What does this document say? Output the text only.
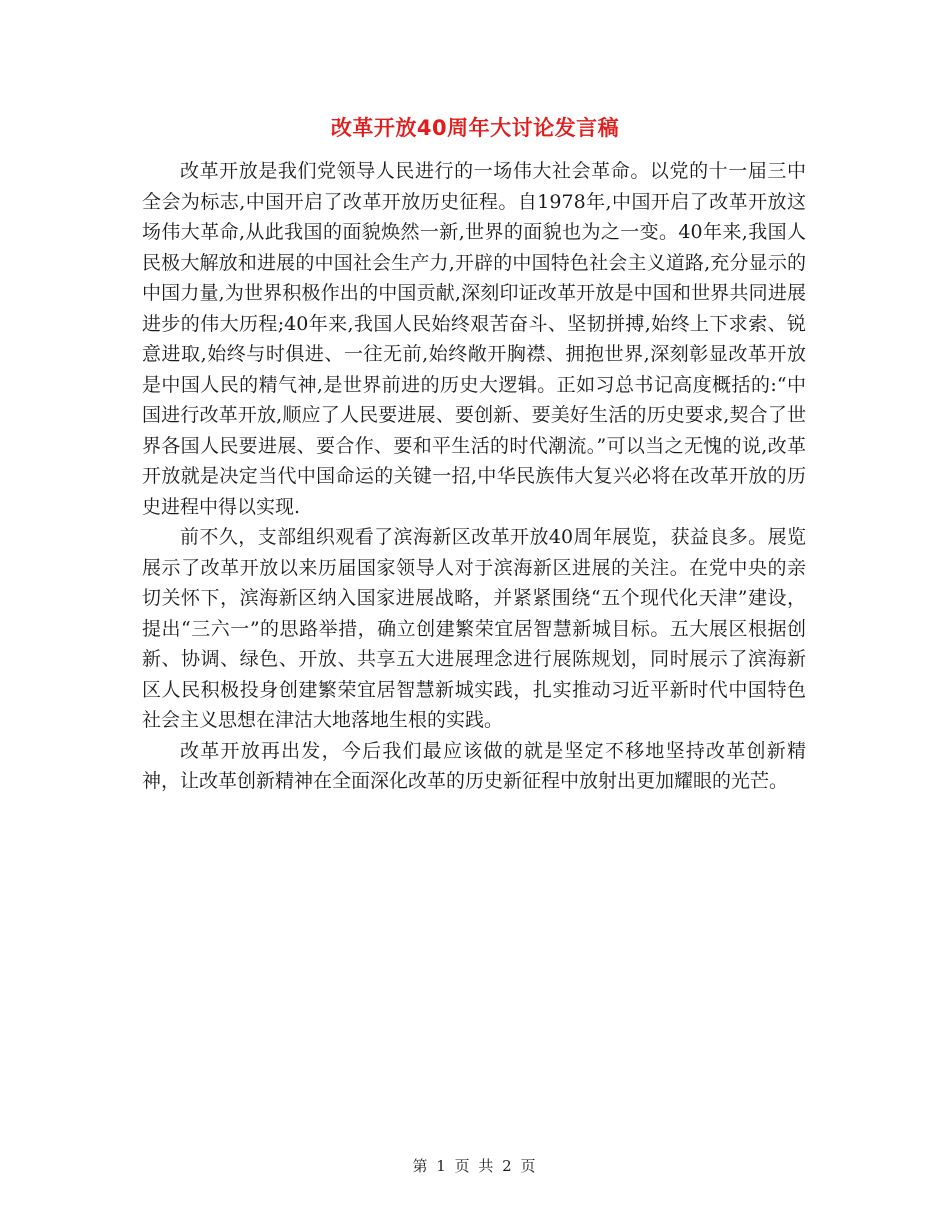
改革开放40周年大讨论发言稿

改革开放是我们党领导人民进行的一场伟大社会革命。以党的十一届三中全会为标志,中国开启了改革开放历史征程。自1978年,中国开启了改革开放这场伟大革命,从此我国的面貌焕然一新,世界的面貌也为之一变。40年来,我国人民极大解放和进展的中国社会生产力,开辟的中国特色社会主义道路,充分显示的中国力量,为世界积极作出的中国贡献,深刻印证改革开放是中国和世界共同进展进步的伟大历程;40年来,我国人民始终艰苦奋斗、坚韧拼搏,始终上下求索、锐意进取,始终与时俱进、一往无前,始终敞开胸襟、拥抱世界,深刻彰显改革开放是中国人民的精气神,是世界前进的历史大逻辑。正如习总书记高度概括的:“中国进行改革开放,顺应了人民要进展、要创新、要美好生活的历史要求,契合了世界各国人民要进展、要合作、要和平生活的时代潮流。”可以当之无愧的说,改革开放就是决定当代中国命运的关键一招,中华民族伟大复兴必将在改革开放的历史进程中得以实现.

前不久，支部组织观看了滨海新区改革开放40周年展览，获益良多。展览展示了改革开放以来历届国家领导人对于滨海新区进展的关注。在党中央的亲切关怀下，滨海新区纳入国家进展战略，并紧紧围绕“五个现代化天津”建设，提出“三六一”的思路举措，确立创建繁荣宜居智慧新城目标。五大展区根据创新、协调、绿色、开放、共享五大进展理念进行展陈规划，同时展示了滨海新区人民积极投身创建繁荣宜居智慧新城实践，扎实推动习近平新时代中国特色社会主义思想在津沽大地落地生根的实践。

改革开放再出发，今后我们最应该做的就是坚定不移地坚持改革创新精神，让改革创新精神在全面深化改革的历史新征程中放射出更加耀眼的光芒。

第 1 页 共 2 页
